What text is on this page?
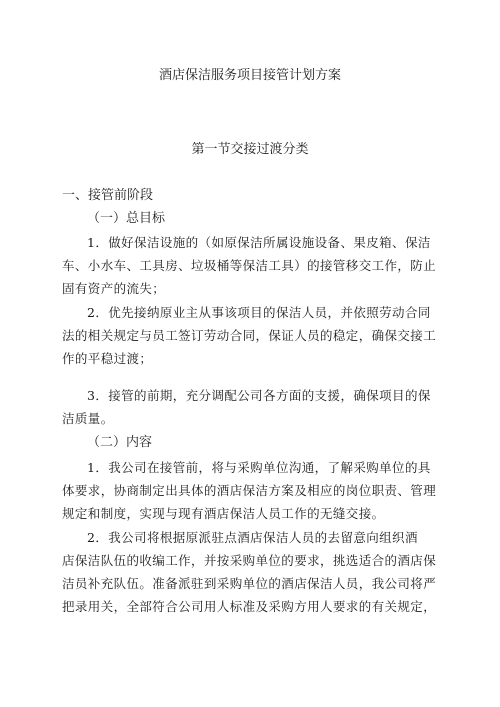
酒店保洁服务项目接管计划方案
第一节交接过渡分类
一、接管前阶段
（一）总目标
1．做好保洁设施的（如原保洁所属设施设备、果皮箱、保洁
车、小水车、工具房、垃圾桶等保洁工具）的接管移交工作，防止
固有资产的流失；
2．优先接纳原业主从事该项目的保洁人员，并依照劳动合同
法的相关规定与员工签订劳动合同，保证人员的稳定，确保交接工
作的平稳过渡；
3．接管的前期，充分调配公司各方面的支援，确保项目的保
洁质量。
（二）内容
1．我公司在接管前，将与采购单位沟通，了解采购单位的具
体要求，协商制定出具体的酒店保洁方案及相应的岗位职责、管理
规定和制度，实现与现有酒店保洁人员工作的无缝交接。
2．我公司将根据原派驻点酒店保洁人员的去留意向组织酒
店保洁队伍的收编工作，并按采购单位的要求，挑选适合的酒店保
洁员补充队伍。准备派驻到采购单位的酒店保洁人员，我公司将严
把录用关，全部符合公司用人标准及采购方用人要求的有关规定，
